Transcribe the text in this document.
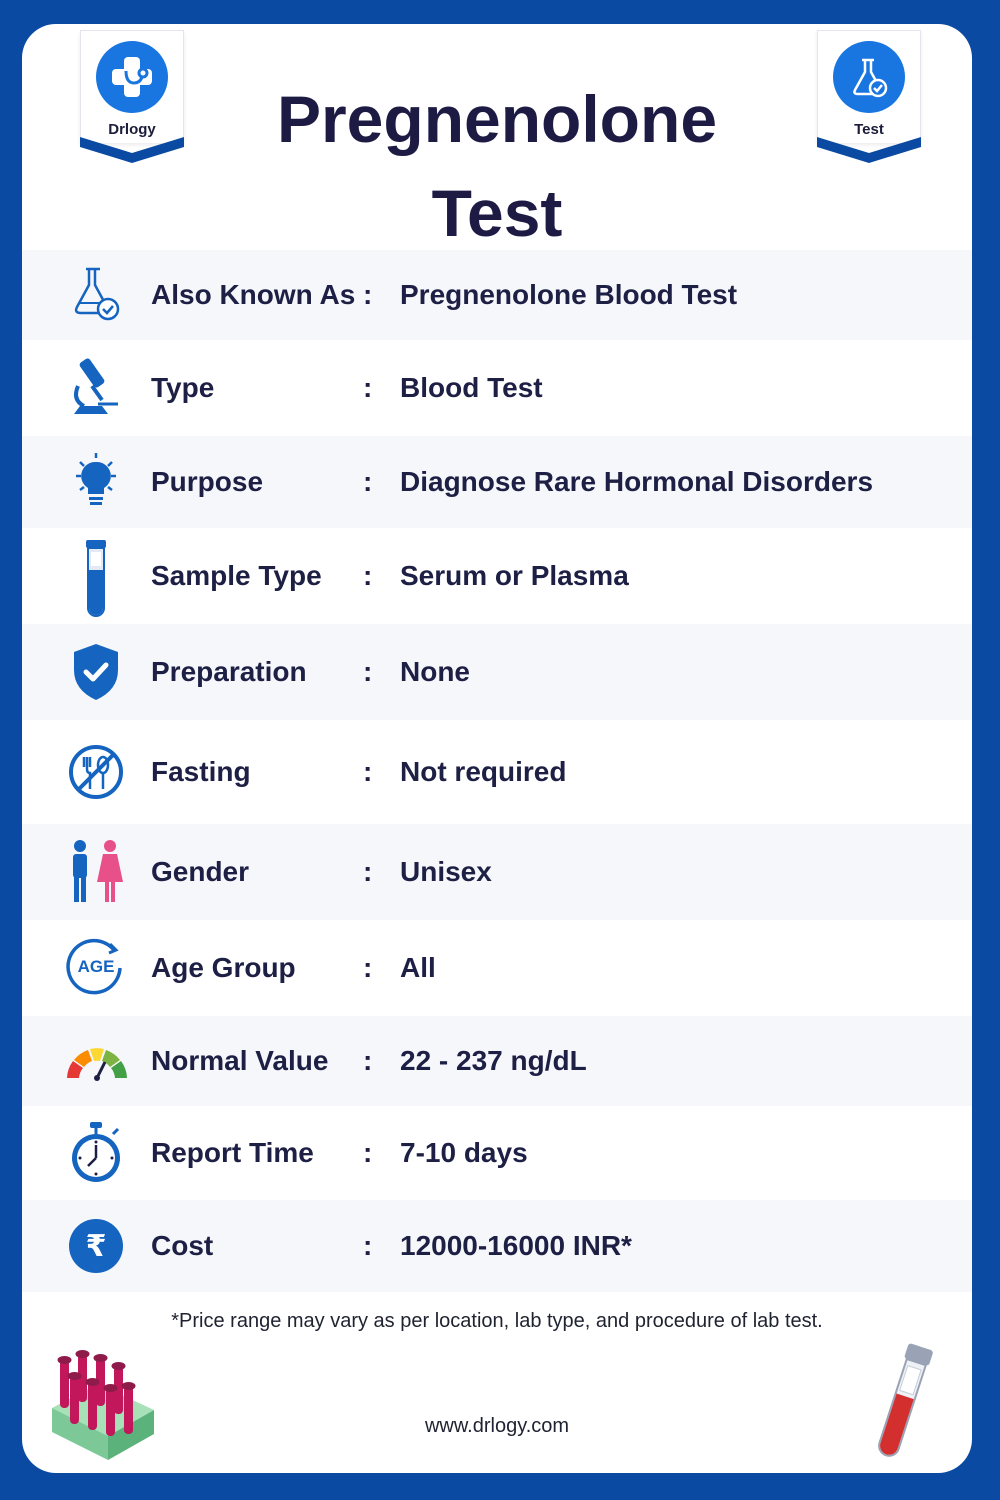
Drlogy	Test
Pregnenolone
Test
Also Known As : Pregnenolone Blood Test
Type	: Blood Test
Purpose	: Diagnose Rare Hormonal Disorders
Sample Type : Serum or Plasma
Preparation : None
Fasting	: Not required
Gender	: Unisex
AGE Age Group : All
Normal Value : 22 - 237 ng/dL
Report Time : 7-10 days
₹ Cost	: 12000-16000 INR*
*Price range may vary as per location, lab type, and procedure of lab test.
www.drlogy.com
